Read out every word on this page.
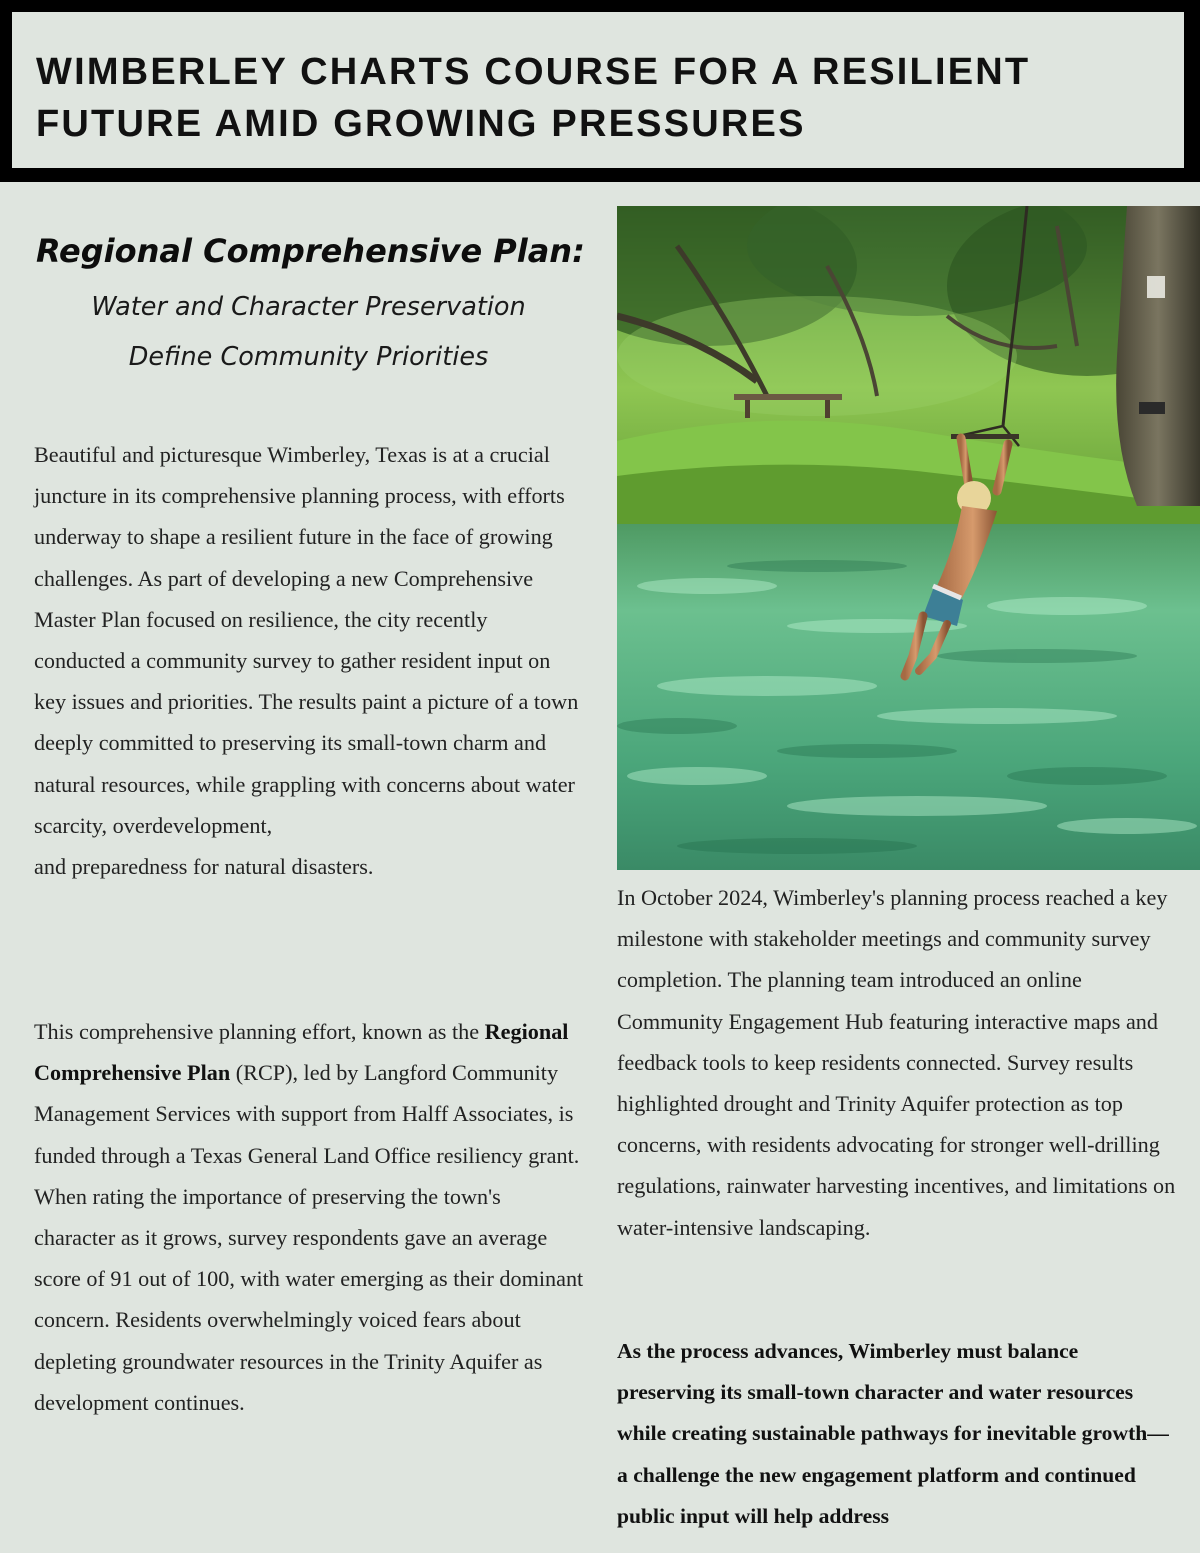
WIMBERLEY CHARTS COURSE FOR A RESILIENT FUTURE AMID GROWING PRESSURES
Regional Comprehensive Plan:

Water and Character Preservation
Define Community Priorities

Beautiful and picturesque Wimberley, Texas is at a crucial juncture in its comprehensive planning process, with efforts underway to shape a resilient future in the face of growing challenges. As part of developing a new Comprehensive Master Plan focused on resilience, the city recently conducted a community survey to gather resident input on key issues and priorities. The results paint a picture of a town deeply committed to preserving its small-town charm and natural resources, while grappling with concerns about water scarcity, overdevelopment,
and preparedness for natural disasters.

This comprehensive planning effort, known as the Regional Comprehensive Plan (RCP), led by Langford Community Management Services with support from Halff Associates, is funded through a Texas General Land Office resiliency grant. When rating the importance of preserving the town's character as it grows, survey respondents gave an average score of 91 out of 100, with water emerging as their dominant concern. Residents overwhelmingly voiced fears about depleting groundwater resources in the Trinity Aquifer as development continues.

In October 2024, Wimberley's planning process reached a key milestone with stakeholder meetings and community survey completion. The planning team introduced an online Community Engagement Hub featuring interactive maps and feedback tools to keep residents connected. Survey results highlighted drought and Trinity Aquifer protection as top concerns, with residents advocating for stronger well-drilling regulations, rainwater harvesting incentives, and limitations on water-intensive landscaping.

As the process advances, Wimberley must balance preserving its small-town character and water resources while creating sustainable pathways for inevitable growth—a challenge the new engagement platform and continued public input will help address
